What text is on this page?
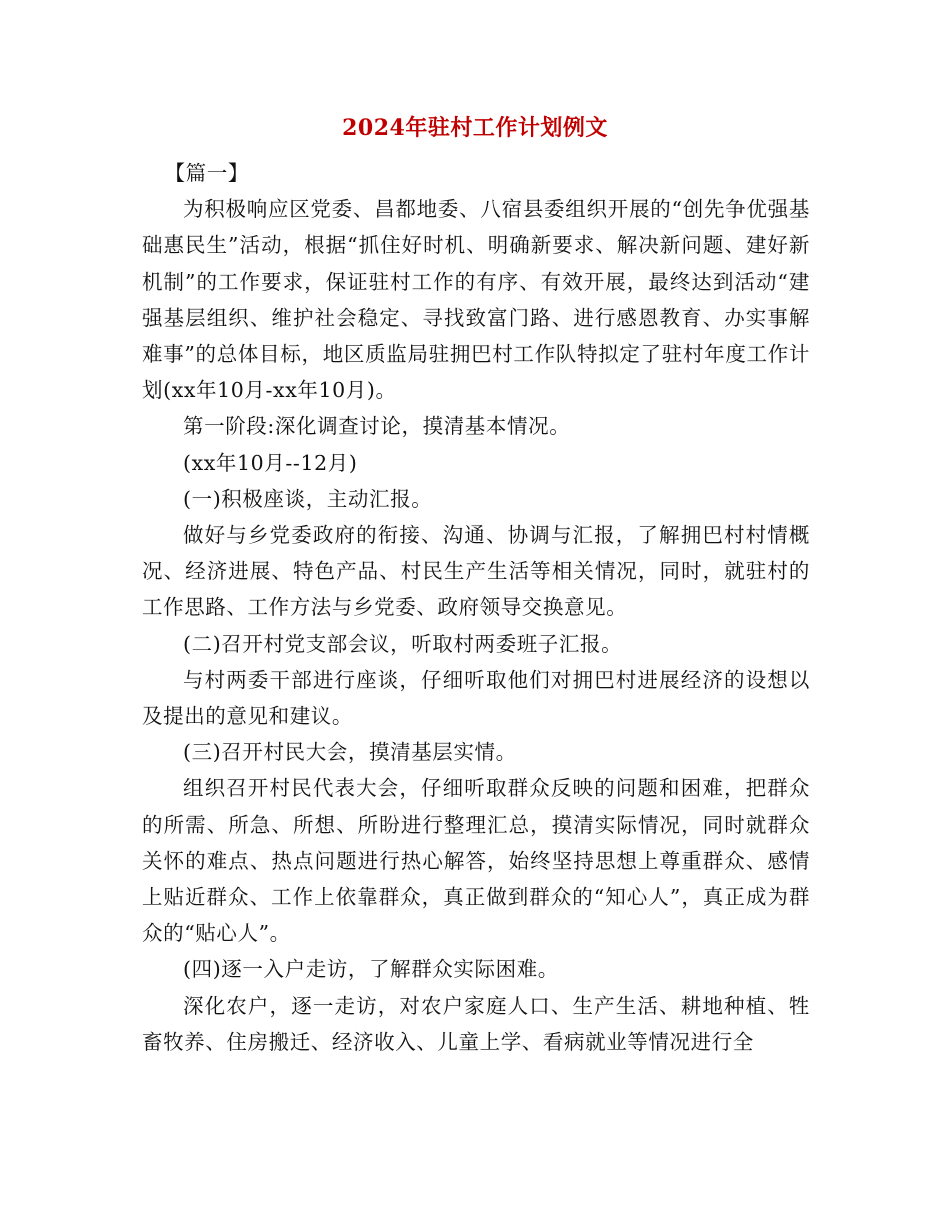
2024年驻村工作计划例文

【篇一】

为积极响应区党委、昌都地委、八宿县委组织开展的“创先争优强基础惠民生”活动，根据“抓住好时机、明确新要求、解决新问题、建好新机制”的工作要求，保证驻村工作的有序、有效开展，最终达到活动“建强基层组织、维护社会稳定、寻找致富门路、进行感恩教育、办实事解难事”的总体目标，地区质监局驻拥巴村工作队特拟定了驻村年度工作计划(xx年10月-xx年10月)。

第一阶段:深化调查讨论，摸清基本情况。

(xx年10月--12月)

(一)积极座谈，主动汇报。

做好与乡党委政府的衔接、沟通、协调与汇报，了解拥巴村村情概况、经济进展、特色产品、村民生产生活等相关情况，同时，就驻村的工作思路、工作方法与乡党委、政府领导交换意见。

(二)召开村党支部会议，听取村两委班子汇报。

与村两委干部进行座谈，仔细听取他们对拥巴村进展经济的设想以及提出的意见和建议。

(三)召开村民大会，摸清基层实情。

组织召开村民代表大会，仔细听取群众反映的问题和困难，把群众的所需、所急、所想、所盼进行整理汇总，摸清实际情况，同时就群众关怀的难点、热点问题进行热心解答，始终坚持思想上尊重群众、感情上贴近群众、工作上依靠群众，真正做到群众的“知心人”，真正成为群众的“贴心人”。

(四)逐一入户走访，了解群众实际困难。

深化农户，逐一走访，对农户家庭人口、生产生活、耕地种植、牲畜牧养、住房搬迁、经济收入、儿童上学、看病就业等情况进行全
